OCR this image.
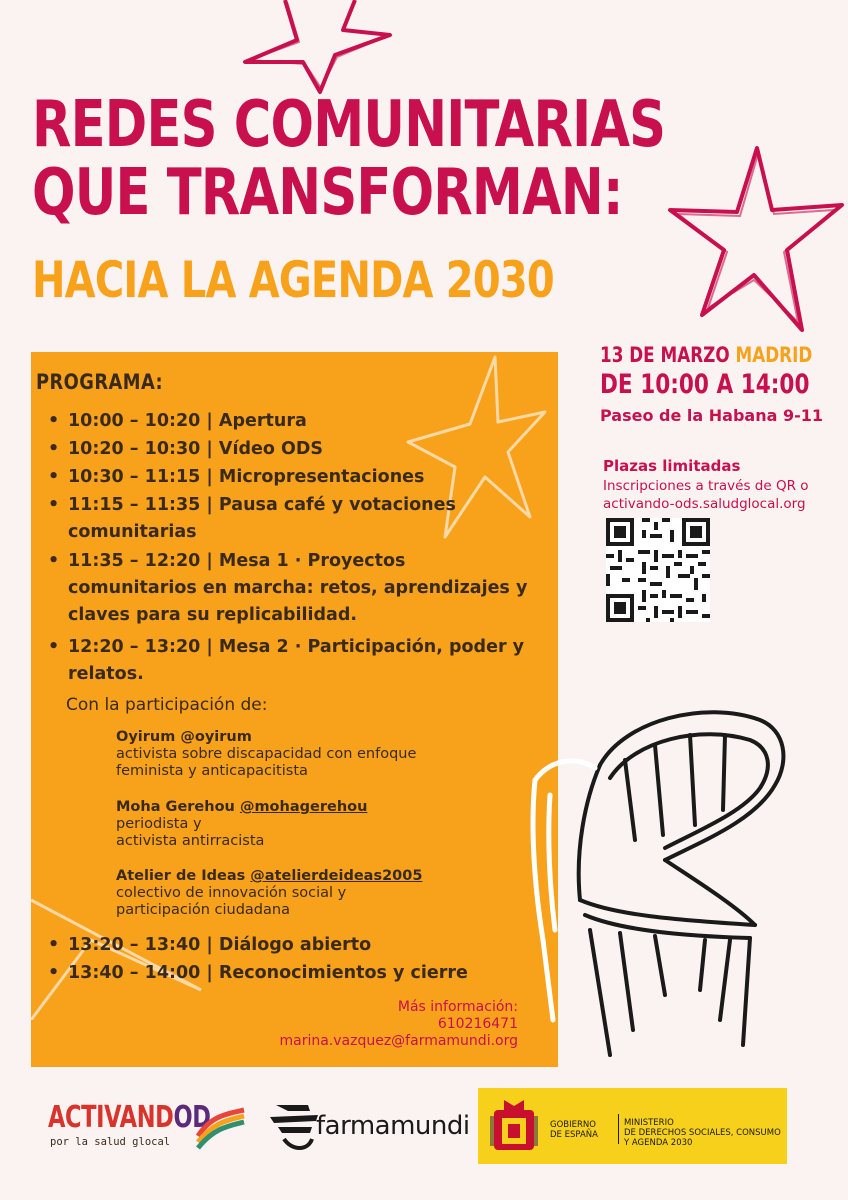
REDES COMUNITARIAS
QUE TRANSFORMAN:
HACIA LA AGENDA 2030
PROGRAMA:
• 10:00 – 10:20 | Apertura
• 10:20 – 10:30 | Vídeo ODS
• 10:30 – 11:15 | Micropresentaciones
• 11:15 – 11:35 | Pausa café y votaciones comunitarias
• 11:35 – 12:20 | Mesa 1 · Proyectos comunitarios en marcha: retos, aprendizajes y claves para su replicabilidad.
• 12:20 – 13:20 | Mesa 2 · Participación, poder y relatos.
• 13:20 – 13:40 | Diálogo abierto
• 13:40 – 14:00 | Reconocimientos y cierre
Con la participación de:
Oyirum @oyirum
activista sobre discapacidad con enfoque
feminista y anticapacitista
Moha Gerehou @mohagerehou
periodista y
activista antirracista
Atelier de Ideas @atelierdeideas2005
colectivo de innovación social y
participación ciudadana
Más información:
610216471
marina.vazquez@farmamundi.org
13 DE MARZO MADRID
DE 10:00 A 14:00
Paseo de la Habana 9-11
Plazas limitadas
Inscripciones a través de QR o
activando-ods.saludglocal.org
ACTIVANDOD
por la salud glocal
farmamundi	GOBIERNO
DE ESPAÑA
MINISTERIO
DE DERECHOS SOCIALES, CONSUMO
Y AGENDA 2030
